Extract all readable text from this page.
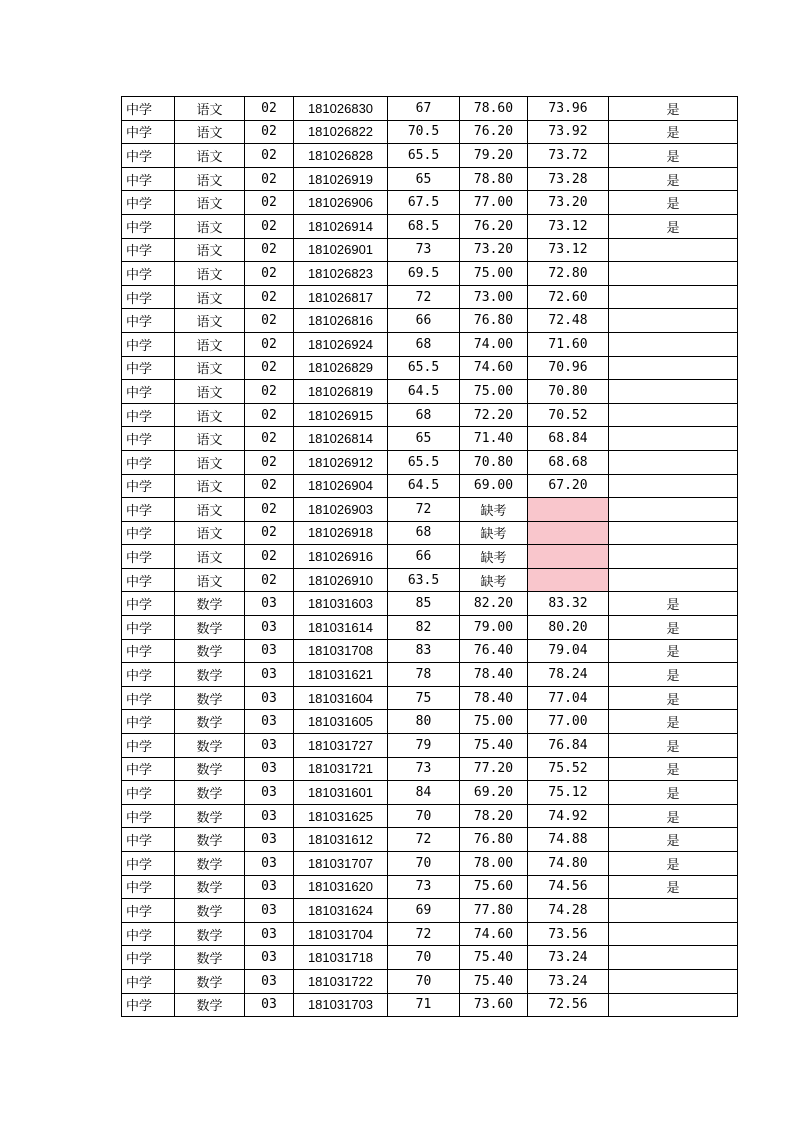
中学	语文	02	181026830	67	78.60	73.96	是
中学	语文	02	181026822	70.5	76.20	73.92	是
中学	语文	02	181026828	65.5	79.20	73.72	是
中学	语文	02	181026919	65	78.80	73.28	是
中学	语文	02	181026906	67.5	77.00	73.20	是
中学	语文	02	181026914	68.5	76.20	73.12	是
中学	语文	02	181026901	73	73.20	73.12	
中学	语文	02	181026823	69.5	75.00	72.80	
中学	语文	02	181026817	72	73.00	72.60	
中学	语文	02	181026816	66	76.80	72.48	
中学	语文	02	181026924	68	74.00	71.60	
中学	语文	02	181026829	65.5	74.60	70.96	
中学	语文	02	181026819	64.5	75.00	70.80	
中学	语文	02	181026915	68	72.20	70.52	
中学	语文	02	181026814	65	71.40	68.84	
中学	语文	02	181026912	65.5	70.80	68.68	
中学	语文	02	181026904	64.5	69.00	67.20	
中学	语文	02	181026903	72	缺考		
中学	语文	02	181026918	68	缺考		
中学	语文	02	181026916	66	缺考		
中学	语文	02	181026910	63.5	缺考		
中学	数学	03	181031603	85	82.20	83.32	是
中学	数学	03	181031614	82	79.00	80.20	是
中学	数学	03	181031708	83	76.40	79.04	是
中学	数学	03	181031621	78	78.40	78.24	是
中学	数学	03	181031604	75	78.40	77.04	是
中学	数学	03	181031605	80	75.00	77.00	是
中学	数学	03	181031727	79	75.40	76.84	是
中学	数学	03	181031721	73	77.20	75.52	是
中学	数学	03	181031601	84	69.20	75.12	是
中学	数学	03	181031625	70	78.20	74.92	是
中学	数学	03	181031612	72	76.80	74.88	是
中学	数学	03	181031707	70	78.00	74.80	是
中学	数学	03	181031620	73	75.60	74.56	是
中学	数学	03	181031624	69	77.80	74.28	
中学	数学	03	181031704	72	74.60	73.56	
中学	数学	03	181031718	70	75.40	73.24	
中学	数学	03	181031722	70	75.40	73.24	
中学	数学	03	181031703	71	73.60	72.56	
